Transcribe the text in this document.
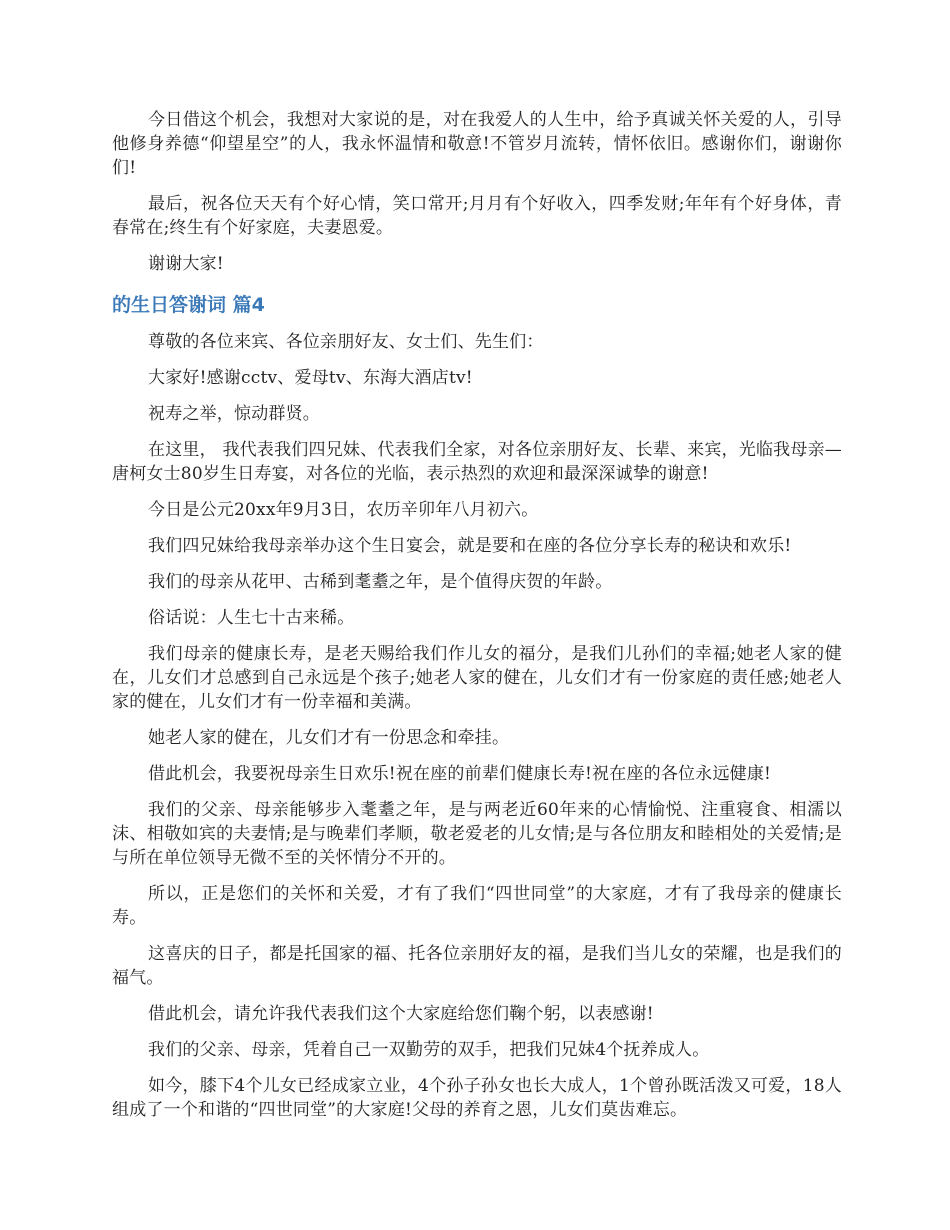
今日借这个机会，我想对大家说的是，对在我爱人的人生中，给予真诚关怀关爱的人，引导他修身养德“仰望星空”的人，我永怀温情和敬意!不管岁月流转，情怀依旧。感谢你们，谢谢你们!

最后，祝各位天天有个好心情，笑口常开;月月有个好收入，四季发财;年年有个好身体，青春常在;终生有个好家庭，夫妻恩爱。

谢谢大家!

的生日答谢词 篇4

尊敬的各位来宾、各位亲朋好友、女士们、先生们：

大家好!感谢cctv、爱母tv、东海大酒店tv!

祝寿之举，惊动群贤。

在这里， 我代表我们四兄妹、代表我们全家，对各位亲朋好友、长辈、来宾，光临我母亲—唐柯女士80岁生日寿宴，对各位的光临，表示热烈的欢迎和最深深诚挚的谢意!

今日是公元20xx年9月3日，农历辛卯年八月初六。

我们四兄妹给我母亲举办这个生日宴会，就是要和在座的各位分享长寿的秘诀和欢乐!

我们的母亲从花甲、古稀到耄耋之年，是个值得庆贺的年龄。

俗话说：人生七十古来稀。

我们母亲的健康长寿，是老天赐给我们作儿女的福分，是我们儿孙们的幸福;她老人家的健在，儿女们才总感到自己永远是个孩子;她老人家的健在，儿女们才有一份家庭的责任感;她老人家的健在，儿女们才有一份幸福和美满。

她老人家的健在，儿女们才有一份思念和牵挂。

借此机会，我要祝母亲生日欢乐!祝在座的前辈们健康长寿!祝在座的各位永远健康!

我们的父亲、母亲能够步入耄耋之年，是与两老近60年来的心情愉悦、注重寝食、相濡以沫、相敬如宾的夫妻情;是与晚辈们孝顺，敬老爱老的儿女情;是与各位朋友和睦相处的关爱情;是与所在单位领导无微不至的关怀情分不开的。

所以，正是您们的关怀和关爱，才有了我们“四世同堂”的大家庭，才有了我母亲的健康长寿。

这喜庆的日子，都是托国家的福、托各位亲朋好友的福，是我们当儿女的荣耀，也是我们的福气。

借此机会，请允许我代表我们这个大家庭给您们鞠个躬，以表感谢!

我们的父亲、母亲，凭着自己一双勤劳的双手，把我们兄妹4个抚养成人。

如今，膝下4个儿女已经成家立业，4个孙子孙女也长大成人，1个曾孙既活泼又可爱，18人组成了一个和谐的“四世同堂”的大家庭!父母的养育之恩，儿女们莫齿难忘。
